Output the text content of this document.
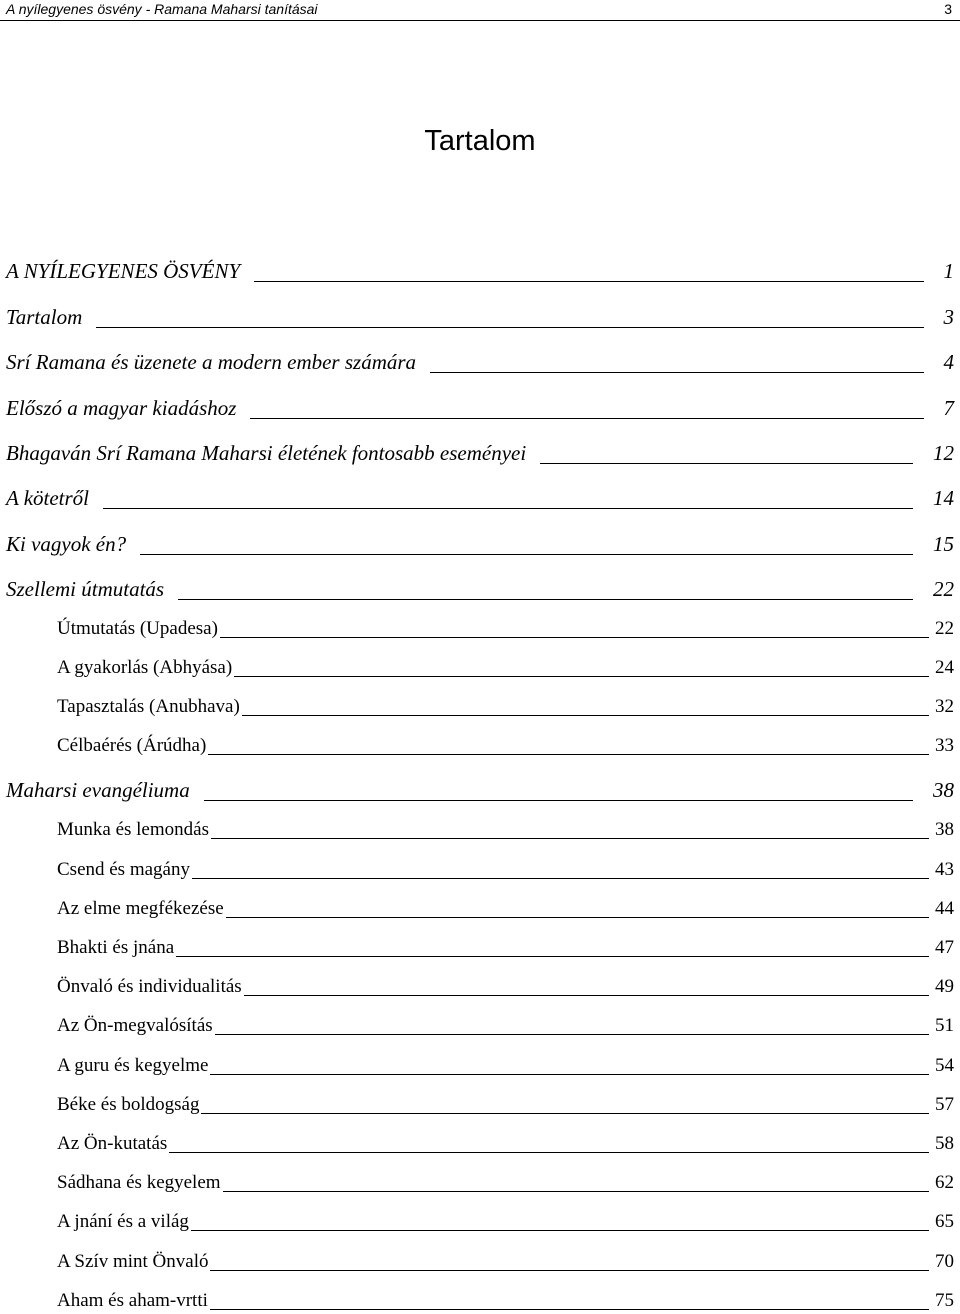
A nyílegyenes ösvény - Ramana Maharsi tanításai	3
Tartalom
A NYÍLEGYENES ÖSVÉNY	1
Tartalom	3
Srí Ramana és üzenete a modern ember számára	4
Előszó a magyar kiadáshoz	7
Bhagaván Srí Ramana Maharsi életének fontosabb eseményei	12
A kötetről	14
Ki vagyok én?	15
Szellemi útmutatás	22
Útmutatás (Upadesa)	22
A gyakorlás (Abhyása)	24
Tapasztalás (Anubhava)	32
Célbaérés (Árúdha)	33
Maharsi evangéliuma	38
Munka és lemondás	38
Csend és magány	43
Az elme megfékezése	44
Bhakti és jnána	47
Önvaló és individualitás	49
Az Ön-megvalósítás	51
A guru és kegyelme	54
Béke és boldogság	57
Az Ön-kutatás	58
Sádhana és kegyelem	62
A jnání és a világ	65
A Szív mint Önvaló	70
Aham és aham-vrtti	75
